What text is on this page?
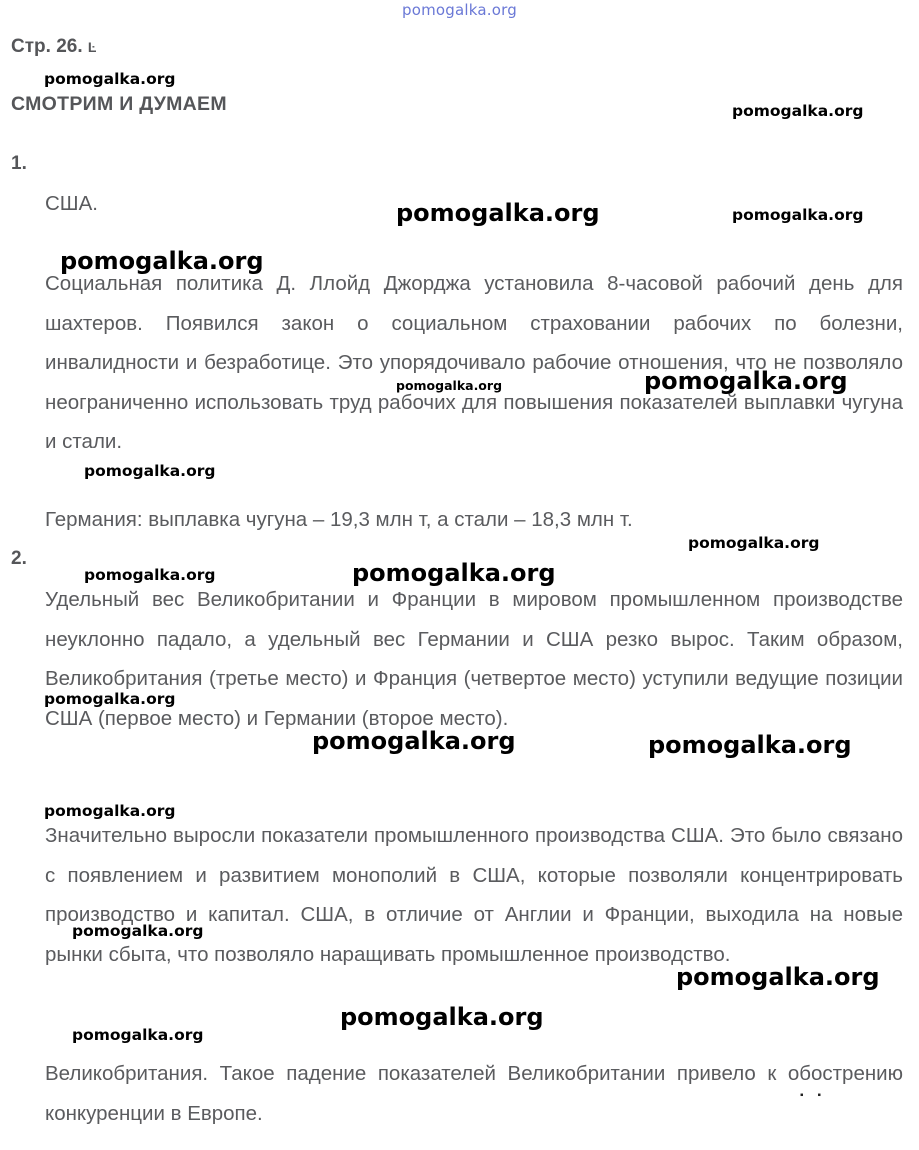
pomogalka.org
Стр. 26. Ŀ
СМОТРИМ И ДУМАЕМ
1.
США.
Социальная политика Д. Ллойд Джорджа установила 8-часовой рабочий день для шахтеров. Появился закон о социальном страховании рабочих по болезни, инвалидности и безработице. Это упорядочивало рабочие отношения, что не позволяло неограниченно использовать труд рабочих для повышения показателей выплавки чугуна и стали.
Германия: выплавка чугуна – 19,3 млн т, а стали – 18,3 млн т.
2.
Удельный вес Великобритании и Франции в мировом промышленном производстве неуклонно падало, а удельный вес Германии и США резко вырос. Таким образом, Великобритания (третье место) и Франция (четвертое место) уступили ведущие позиции США (первое место) и Германии (второе место).
Значительно выросли показатели промышленного производства США. Это было связано с появлением и развитием монополий в США, которые позволяли концентрировать производство и капитал. США, в отличие от Англии и Франции, выходила на новые рынки сбыта, что позволяло наращивать промышленное производство.
Великобритания. Такое падение показателей Великобритании привело к обострению конкуренции в Европе.
▪▪
pomogalka.org
pomogalka.org
pomogalka.org	pomogalka.org
pomogalka.org
pomogalka.org	pomogalka.org
pomogalka.org
pomogalka.org
pomogalka.org	pomogalka.org
pomogalka.org
pomogalka.org	pomogalka.org
pomogalka.org
pomogalka.org
pomogalka.org
pomogalka.org
pomogalka.org
